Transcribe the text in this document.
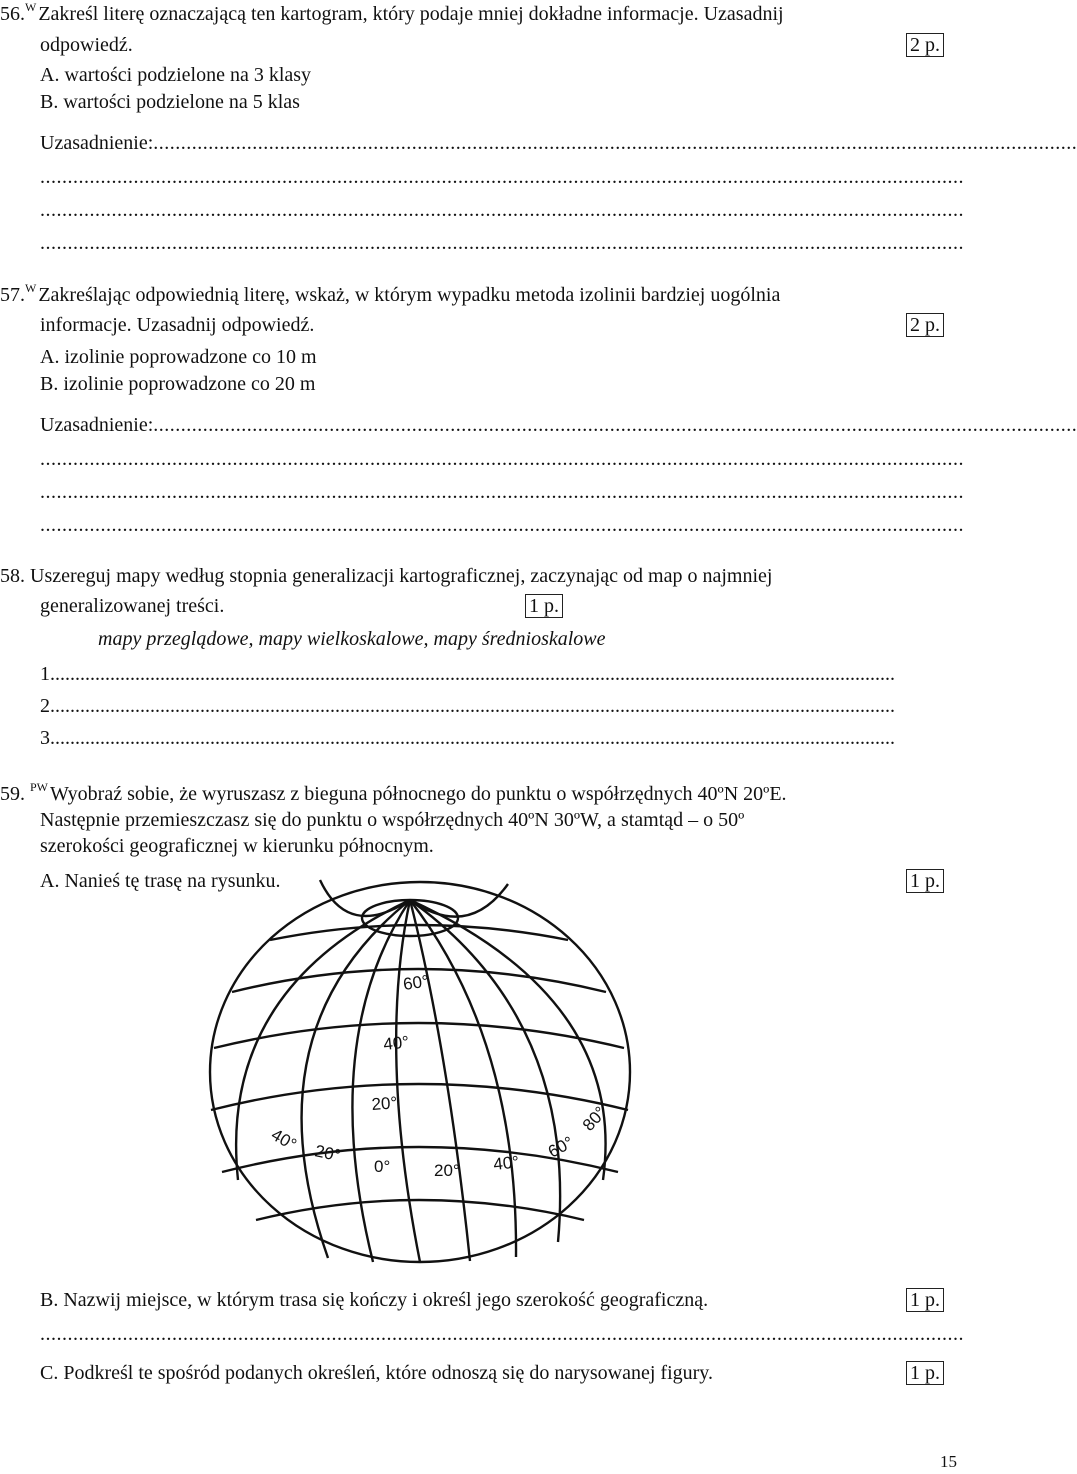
56.$^W$ Zakreśl literę oznaczającą ten kartogram, który podaje mniej dokładne informacje. Uzasadnij
odpowiedź.	2 p.
A. wartości podzielone na 3 klasy
B. wartości podzielone na 5 klas
Uzasadnienie:........................................................................................................................................................................
........................................................................................................................................................................
........................................................................................................................................................................
........................................................................................................................................................................
57.$^W$ Zakreślając odpowiednią literę, wskaż, w którym wypadku metoda izolinii bardziej uogólnia
informacje. Uzasadnij odpowiedź.	2 p.
A. izolinie poprowadzone co 10 m
B. izolinie poprowadzone co 20 m
Uzasadnienie:........................................................................................................................................................................
........................................................................................................................................................................
........................................................................................................................................................................
........................................................................................................................................................................
58. Uszereguj mapy według stopnia generalizacji kartograficznej, zaczynając od map o najmniej
generalizowanej treści.	1 p.
mapy przeglądowe, mapy wielkoskalowe, mapy średnioskalowe
1.........................................................................................................................................................................
2.........................................................................................................................................................................
3.........................................................................................................................................................................
59. $^{PW}$ Wyobraź sobie, że wyruszasz z bieguna północnego do punktu o współrzędnych 40ºN 20ºE.
Następnie przemieszczasz się do punktu o współrzędnych 40ºN 30ºW, a stamtąd – o 50º
szerokości geograficznej w kierunku północnym.
A. Nanieś tę trasę na rysunku.	1 p.
60°
40°
20°
40° 20°
0°	20° 40°
60°
80°
B. Nazwij miejsce, w którym trasa się kończy i określ jego szerokość geograficzną.	1 p.
........................................................................................................................................................................
C. Podkreśl te spośród podanych określeń, które odnoszą się do narysowanej figury.	1 p.
15
